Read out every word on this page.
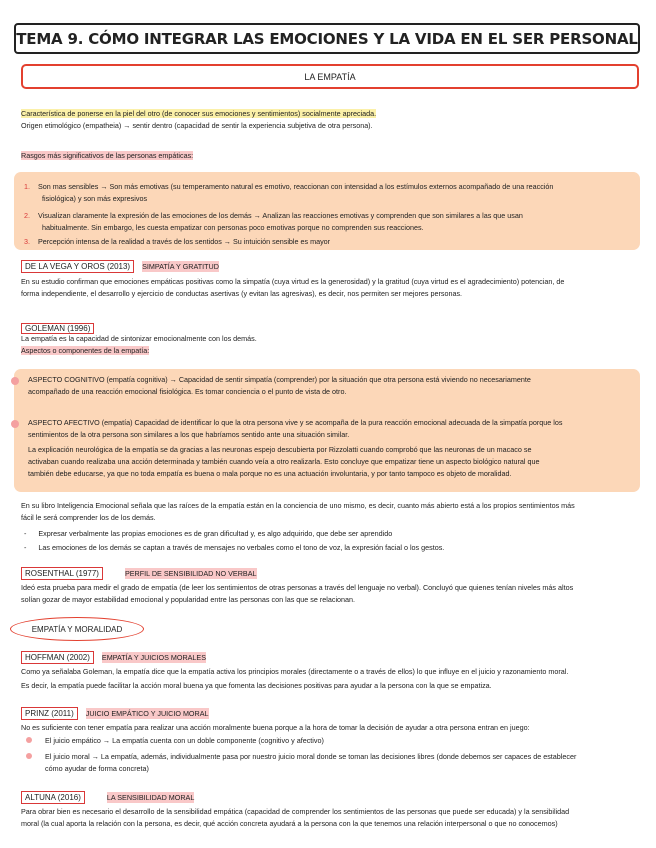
TEMA 9. CÓMO INTEGRAR LAS EMOCIONES Y LA VIDA EN EL SER PERSONAL
LA EMPATÍA
Característica de ponerse en la piel del otro (de conocer sus emociones y sentimientos) socialmente apreciada.
Origen etimológico (empatheia) → sentir dentro (capacidad de sentir la experiencia subjetiva de otra persona).
Rasgos más significativos de las personas empáticas:
1. Son mas sensibles → Son más emotivas (su temperamento natural es emotivo, reaccionan con intensidad a los estímulos externos acompañado de una reacción
fisiológica) y son más expresivos
2. Visualizan claramente la expresión de las emociones de los demás → Analizan las reacciones emotivas y comprenden que son similares a las que usan
habitualmente. Sin embargo, les cuesta empatizar con personas poco emotivas porque no comprenden sus reacciones.
3. Percepción intensa de la realidad a través de los sentidos → Su intuición sensible es mayor
DE LA VEGA Y OROS (2013)	SIMPATÍA Y GRATITUD
En su estudio confirman que emociones empáticas positivas como la simpatía (cuya virtud es la generosidad) y la gratitud (cuya virtud es el agradecimiento) potencian, de
forma independiente, el desarrollo y ejercicio de conductas asertivas (y evitan las agresivas), es decir, nos permiten ser mejores personas.
GOLEMAN (1996)
La empatía es la capacidad de sintonizar emocionalmente con los demás.
Aspectos o componentes de la empatía:
ASPECTO COGNITIVO (empatía cognitiva) → Capacidad de sentir simpatía (comprender) por la situación que otra persona está viviendo no necesariamente
acompañado de una reacción emocional fisiológica. Es tomar conciencia o el punto de vista de otro.
ASPECTO AFECTIVO (empatía) Capacidad de identificar lo que la otra persona vive y se acompaña de la pura reacción emocional adecuada de la simpatía porque los
sentimientos de la otra persona son similares a los que habríamos sentido ante una situación similar.
La explicación neurológica de la empatía se da gracias a las neuronas espejo descubierta por Rizzolatti cuando comprobó que las neuronas de un macaco se
activaban cuando realizaba una acción determinada y también cuando veía a otro realizarla. Esto concluye que empatizar tiene un aspecto biológico natural que
también debe educarse, ya que no toda empatía es buena o mala porque no es una actuación involuntaria, y por tanto tampoco es objeto de moralidad.
En su libro Inteligencia Emocional señala que las raíces de la empatía están en la conciencia de uno mismo, es decir, cuanto más abierto está a los propios sentimientos más
fácil le será comprender los de los demás.
-      Expresar verbalmente las propias emociones es de gran dificultad y, es algo adquirido, que debe ser aprendido
-      Las emociones de los demás se captan a través de mensajes no verbales como el tono de voz, la expresión facial o los gestos.
ROSENTHAL (1977)	PERFIL DE SENSIBILIDAD NO VERBAL
Ideó esta prueba para medir el grado de empatía (de leer los sentimientos de otras personas a través del lenguaje no verbal). Concluyó que quienes tenían niveles más altos
solían gozar de mayor estabilidad emocional y popularidad entre las personas con las que se relacionan.
EMPATÍA Y MORALIDAD
HOFFMAN (2002)	EMPATÍA Y JUICIOS MORALES
Como ya señalaba Goleman, la empatía dice que la empatía activa los principios morales (directamente o a través de ellos) lo que influye en el juicio y razonamiento moral.
Es decir, la empatía puede facilitar la acción moral buena ya que fomenta las decisiones positivas para ayudar a la persona con la que se empatiza.
PRINZ (2011)	JUICIO EMPÁTICO Y JUICIO MORAL
No es suficiente con tener empatía para realizar una acción moralmente buena porque a la hora de tomar la decisión de ayudar a otra persona entran en juego:
El juicio empático → La empatía cuenta con un doble componente (cognitivo y afectivo)
El juicio moral → La empatía, además, individualmente pasa por nuestro juicio moral donde se toman las decisiones libres (donde debemos ser capaces de establecer
cómo ayudar de forma concreta)
ALTUNA (2016)	LA SENSIBILIDAD MORAL
Para obrar bien es necesario el desarrollo de la sensibilidad empática (capacidad de comprender los sentimientos de las personas que puede ser educada) y la sensibilidad
moral (la cual aporta la relación con la persona, es decir, qué acción concreta ayudará a la persona con la que tenemos una relación interpersonal o que no conocemos)
